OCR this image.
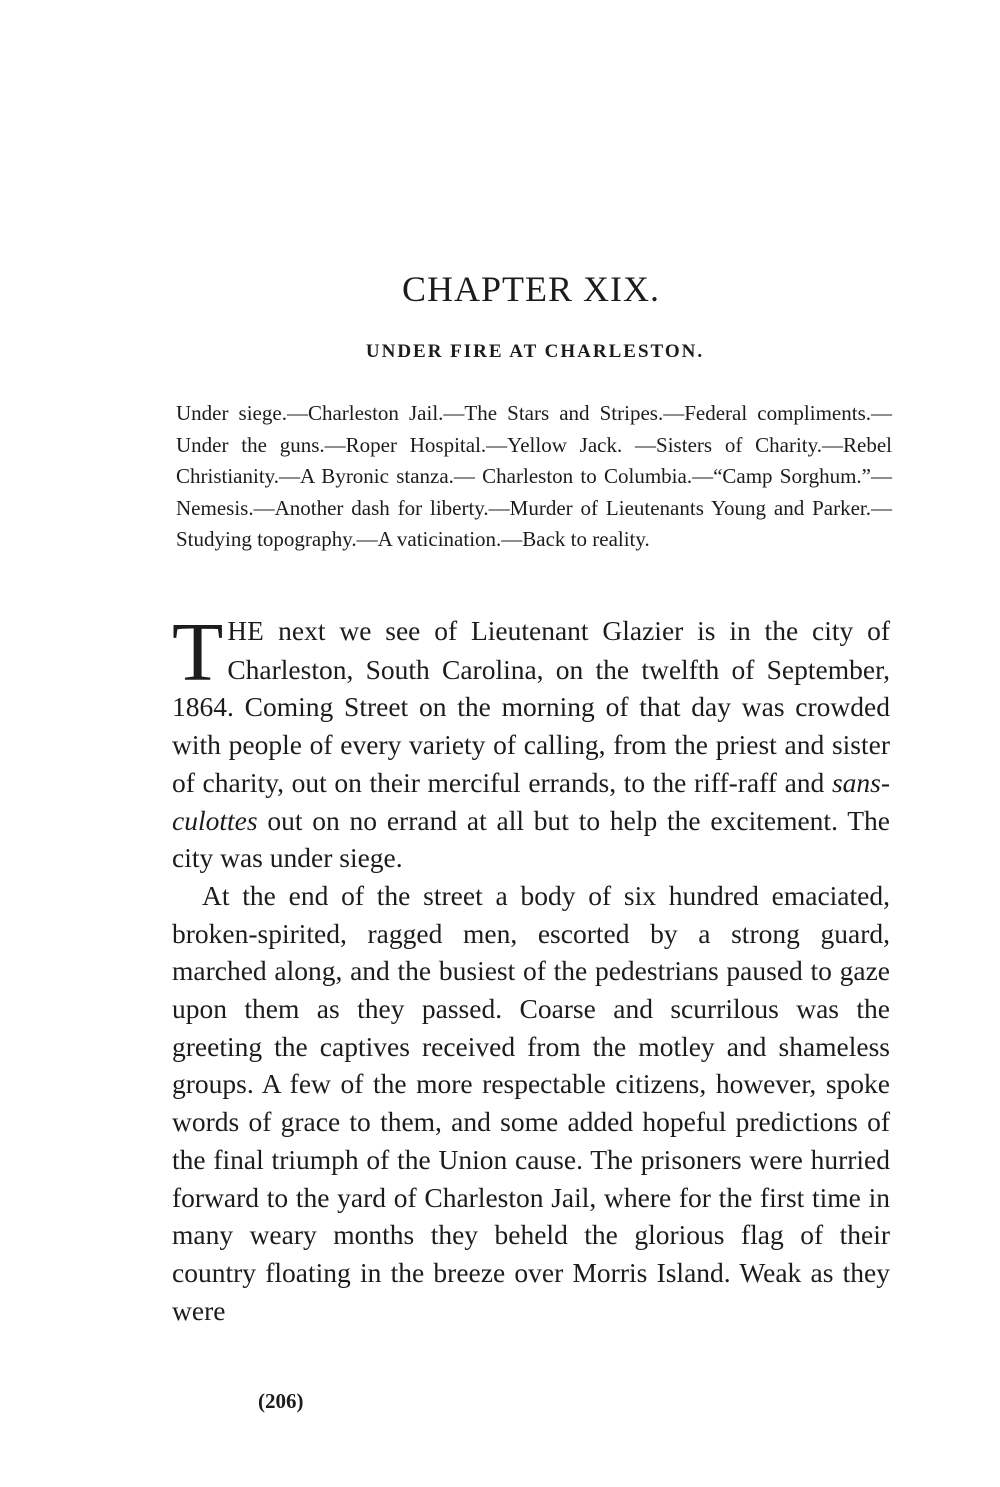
CHAPTER XIX.
UNDER FIRE AT CHARLESTON.
Under siege.—Charleston Jail.—The Stars and Stripes.—Federal compliments.—Under the guns.—Roper Hospital.—Yellow Jack. —Sisters of Charity.—Rebel Christianity.—A Byronic stanza.— Charleston to Columbia.—“Camp Sorghum.”—Nemesis.—Another dash for liberty.—Murder of Lieutenants Young and Parker.— Studying topography.—A vaticination.—Back to reality.

THE next we see of Lieutenant Glazier is in the city of Charleston, South Carolina, on the twelfth of September, 1864. Coming Street on the morning of that day was crowded with people of every variety of calling, from the priest and sister of charity, out on their merciful errands, to the riff-raff and sans-culottes out on no errand at all but to help the excitement. The city was under siege.

At the end of the street a body of six hundred emaciated, broken-spirited, ragged men, escorted by a strong guard, marched along, and the busiest of the pedestrians paused to gaze upon them as they passed. Coarse and scurrilous was the greeting the captives received from the motley and shameless groups. A few of the more respectable citizens, however, spoke words of grace to them, and some added hopeful predictions of the final triumph of the Union cause. The prisoners were hurried forward to the yard of Charleston Jail, where for the first time in many weary months they beheld the glorious flag of their country floating in the breeze over Morris Island. Weak as they were

(206)
